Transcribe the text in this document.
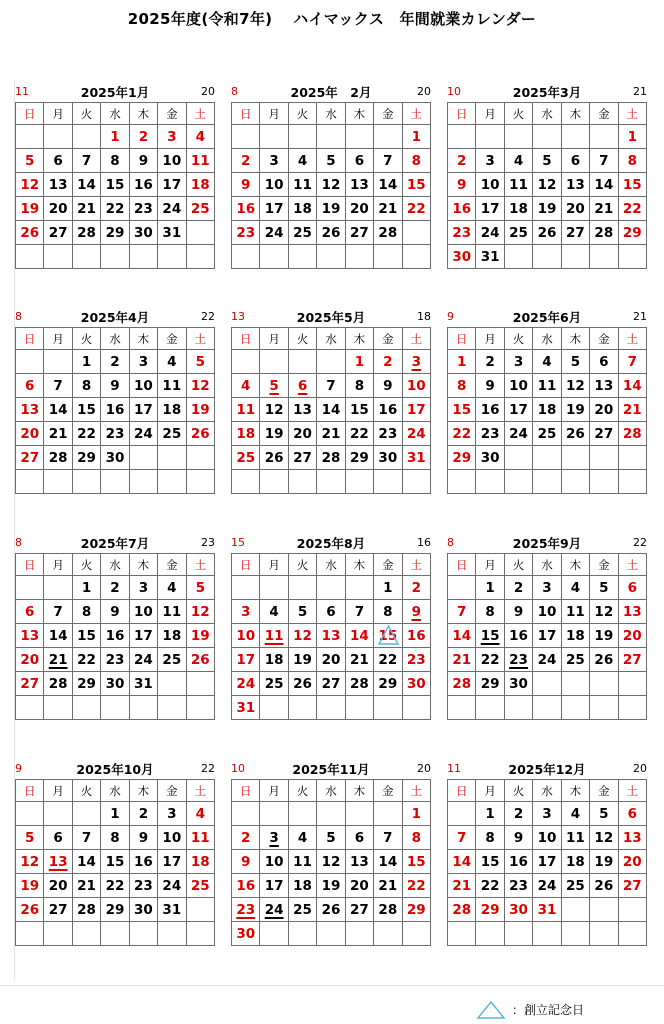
2025年度(令和7年)　 ハイマックス　年間就業カレンダー
11	2025年1月	20
日	月	火	水	木	金	土
			1	2	3	4
5	6	7	8	9	10	11
12	13	14	15	16	17	18
19	20	21	22	23	24	25
26	27	28	29	30	31	

8	2025年　2月	20
日	月	火	水	木	金	土
						1
2	3	4	5	6	7	8
9	10	11	12	13	14	15
16	17	18	19	20	21	22
23	24	25	26	27	28	

10	2025年3月	21
日	月	火	水	木	金	土
						1
2	3	4	5	6	7	8
9	10	11	12	13	14	15
16	17	18	19	20	21	22
23	24	25	26	27	28	29
30	31					
8	2025年4月	22
日	月	火	水	木	金	土
		1	2	3	4	5
6	7	8	9	10	11	12
13	14	15	16	17	18	19
20	21	22	23	24	25	26
27	28	29	30			

13	2025年5月	18
日	月	火	水	木	金	土
				1	2	3
4	5	6	7	8	9	10
11	12	13	14	15	16	17
18	19	20	21	22	23	24
25	26	27	28	29	30	31

9	2025年6月	21
日	月	火	水	木	金	土
1	2	3	4	5	6	7
8	9	10	11	12	13	14
15	16	17	18	19	20	21
22	23	24	25	26	27	28
29	30					

8	2025年7月	23
日	月	火	水	木	金	土
		1	2	3	4	5
6	7	8	9	10	11	12
13	14	15	16	17	18	19
20	21	22	23	24	25	26
27	28	29	30	31		

15	2025年8月	16
日	月	火	水	木	金	土
					1	2
3	4	5	6	7	8	9
10	11	12	13	14	15	16
17	18	19	20	21	22	23
24	25	26	27	28	29	30
31						
8	2025年9月	22
日	月	火	水	木	金	土
	1	2	3	4	5	6
7	8	9	10	11	12	13
14	15	16	17	18	19	20
21	22	23	24	25	26	27
28	29	30				

9	2025年10月	22
日	月	火	水	木	金	土
			1	2	3	4
5	6	7	8	9	10	11
12	13	14	15	16	17	18
19	20	21	22	23	24	25
26	27	28	29	30	31	

10	2025年11月	20
日	月	火	水	木	金	土
						1
2	3	4	5	6	7	8
9	10	11	12	13	14	15
16	17	18	19	20	21	22
23	24	25	26	27	28	29
30						
11	2025年12月	20
日	月	火	水	木	金	土
	1	2	3	4	5	6
7	8	9	10	11	12	13
14	15	16	17	18	19	20
21	22	23	24	25	26	27
28	29	30	31			

：創立記念日
